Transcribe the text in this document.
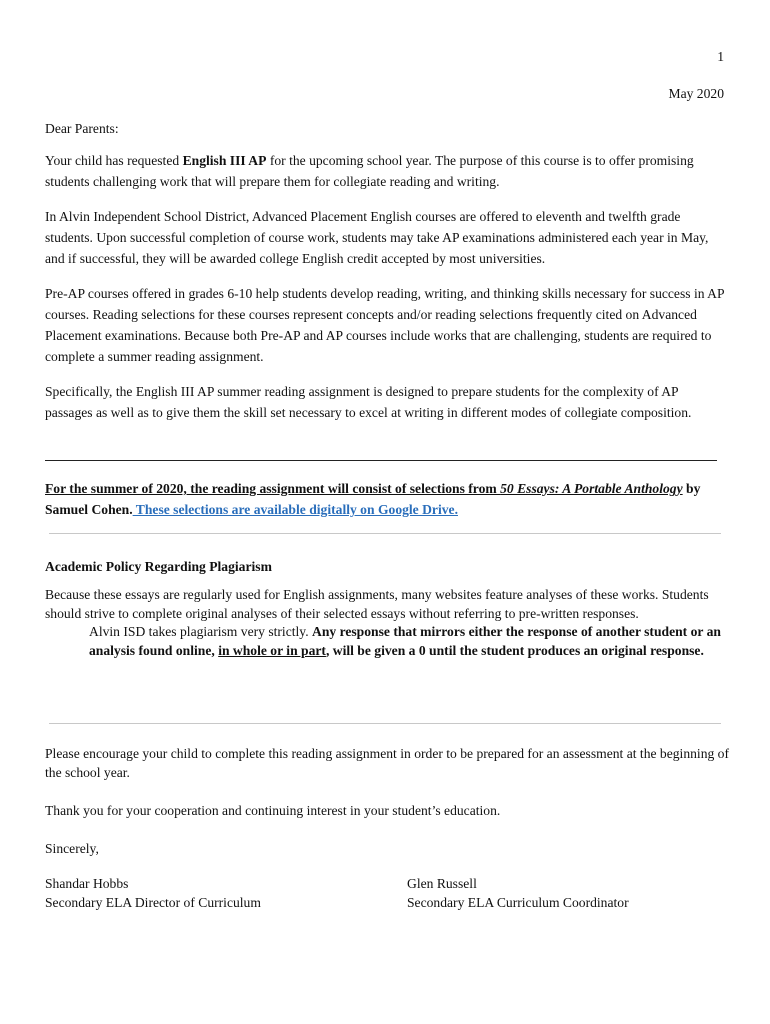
1
May 2020
Dear Parents:

Your child has requested English III AP for the upcoming school year. The purpose of this course is to offer promising students challenging work that will prepare them for collegiate reading and writing.

In Alvin Independent School District, Advanced Placement English courses are offered to eleventh and twelfth grade students. Upon successful completion of course work, students may take AP examinations administered each year in May, and if successful, they will be awarded college English credit accepted by most universities.

Pre-AP courses offered in grades 6-10 help students develop reading, writing, and thinking skills necessary for success in AP courses. Reading selections for these courses represent concepts and/or reading selections frequently cited on Advanced Placement examinations. Because both Pre-AP and AP courses include works that are challenging, students are required to complete a summer reading assignment.

Specifically, the English III AP summer reading assignment is designed to prepare students for the complexity of AP passages as well as to give them the skill set necessary to excel at writing in different modes of collegiate composition.

For the summer of 2020, the reading assignment will consist of selections from 50 Essays: A Portable Anthology by Samuel Cohen. These selections are available digitally on Google Drive.
Academic Policy Regarding Plagiarism
Because these essays are regularly used for English assignments, many websites feature analyses of these works. Students should strive to complete original analyses of their selected essays without referring to pre-written responses.
Alvin ISD takes plagiarism very strictly. Any response that mirrors either the response of another student or an analysis found online, in whole or in part, will be given a 0 until the student produces an original response.
Please encourage your child to complete this reading assignment in order to be prepared for an assessment at the beginning of the school year.
Thank you for your cooperation and continuing interest in your student’s education.
Sincerely,
Shandar Hobbs
Secondary ELA Director of Curriculum
Glen Russell
Secondary ELA Curriculum Coordinator
